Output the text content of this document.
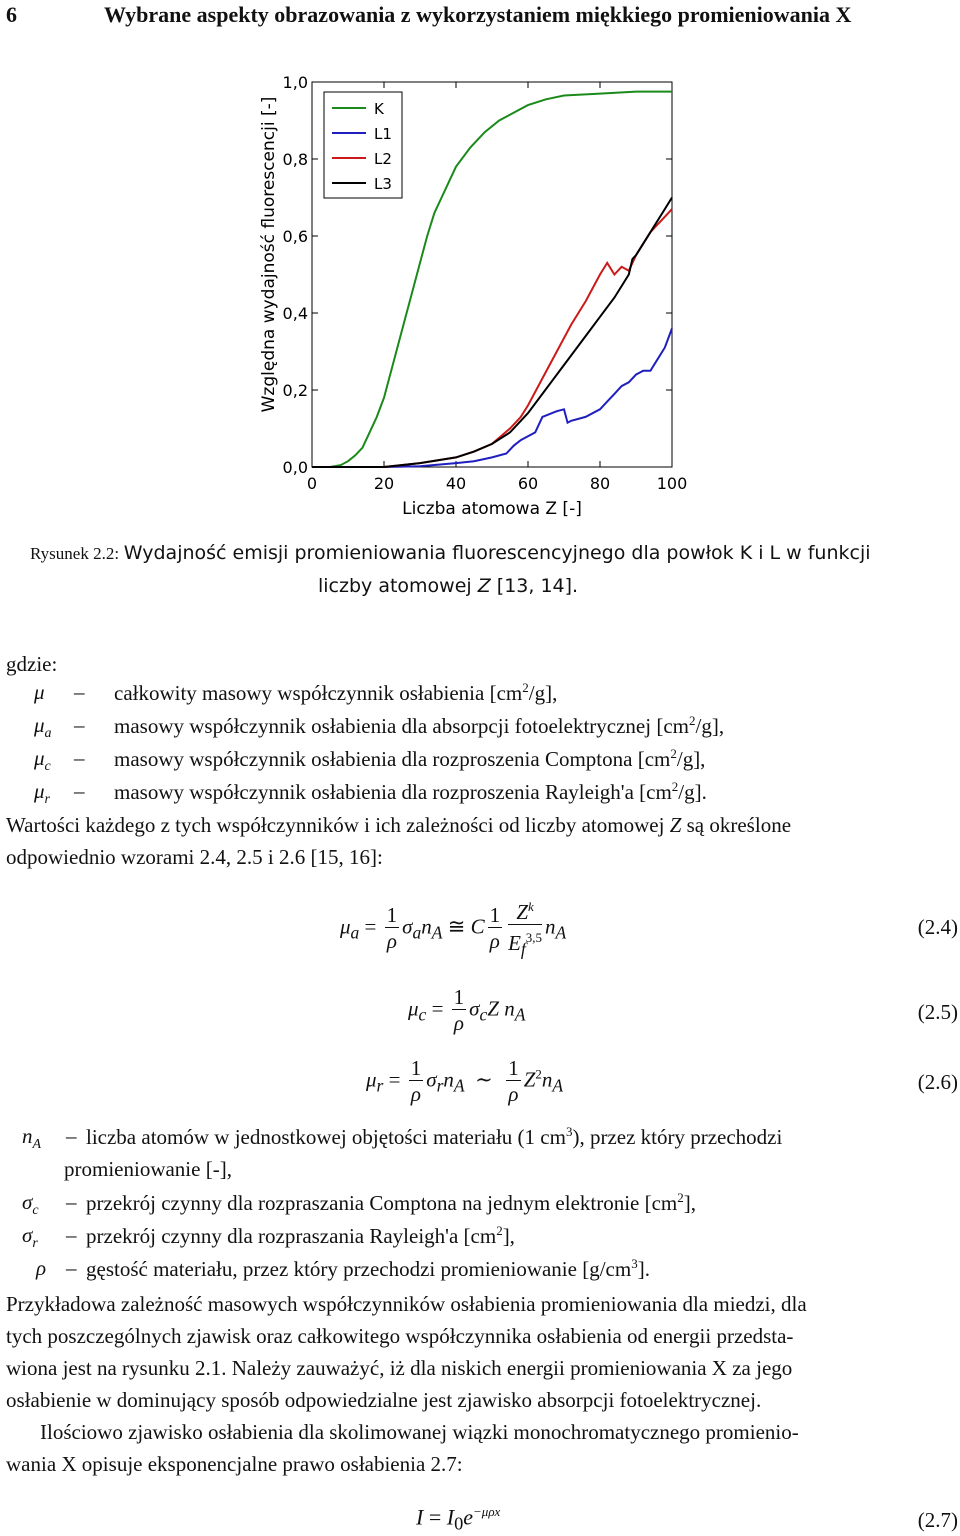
6	Wybrane aspekty obrazowania z wykorzystaniem miękkiego promieniowania X
0	20	40	60	80	100
0,0
0,2
0,4
0,6
0,8
1,0
Liczba atomowa Z [-]
Względna wydajność fluorescencji [-]	K
L1
L2
L3
Rysunek 2.2: Wydajność emisji promieniowania fluorescencyjnego dla powłok K i L w funkcji
liczby atomowej Z [13, 14].
gdzie:
μ – całkowity masowy współczynnik osłabienia $[cm^2/g]$,
$\mu_a$ – masowy współczynnik osłabienia dla absorpcji fotoelektrycznej $[cm^2/g]$,
$\mu_c$ – masowy współczynnik osłabienia dla rozproszenia Comptona $[cm^2/g]$,
$\mu_r$ – masowy współczynnik osłabienia dla rozproszenia Rayleigh'a $[cm^2/g]$.
Wartości każdego z tych współczynników i ich zależności od liczby atomowej Z są określone
odpowiednio wzorami 2.4, 2.5 i 2.6 [15, 16]:
$\mu_a = \frac{1}{\rho} \sigma_an_A$ ≅ C $\frac{1}{\rho} \frac{Z^k}{E_f^{3,5}} n_A$	(2.4)
$\mu_c = \frac{1}{\rho} \sigma_cZ$ $n_A$	(2.5)
$\mu_r = \frac{1}{\rho} \sigma_rn_A$ ∼ $\frac{1}{\rho} Z^2n_A$	(2.6)
$n_A$ – liczba atomów w jednostkowej objętości materiału (1 $cm^3$), przez który przechodzi
promieniowanie [-],
$\sigma_c$ – przekrój czynny dla rozpraszania Comptona na jednym elektronie $[cm^2]$,
$\sigma_r$ – przekrój czynny dla rozpraszania Rayleigh'a $[cm^2]$,
ρ – gęstość materiału, przez który przechodzi promieniowanie $[g/cm^3]$.
Przykładowa zależność masowych współczynników osłabienia promieniowania dla miedzi, dla
tych poszczególnych zjawisk oraz całkowitego współczynnika osłabienia od energii przedsta-
wiona jest na rysunku 2.1. Należy zauważyć, iż dla niskich energii promieniowania X za jego
osłabienie w dominujący sposób odpowiedzialne jest zjawisko absorpcji fotoelektrycznej.
Ilościowo zjawisko osłabienia dla skolimowanej wiązki monochromatycznego promienio-
wania X opisuje eksponencjalne prawo osłabienia 2.7:
$I = I_0e^{-\mu\rho x}$	(2.7)
